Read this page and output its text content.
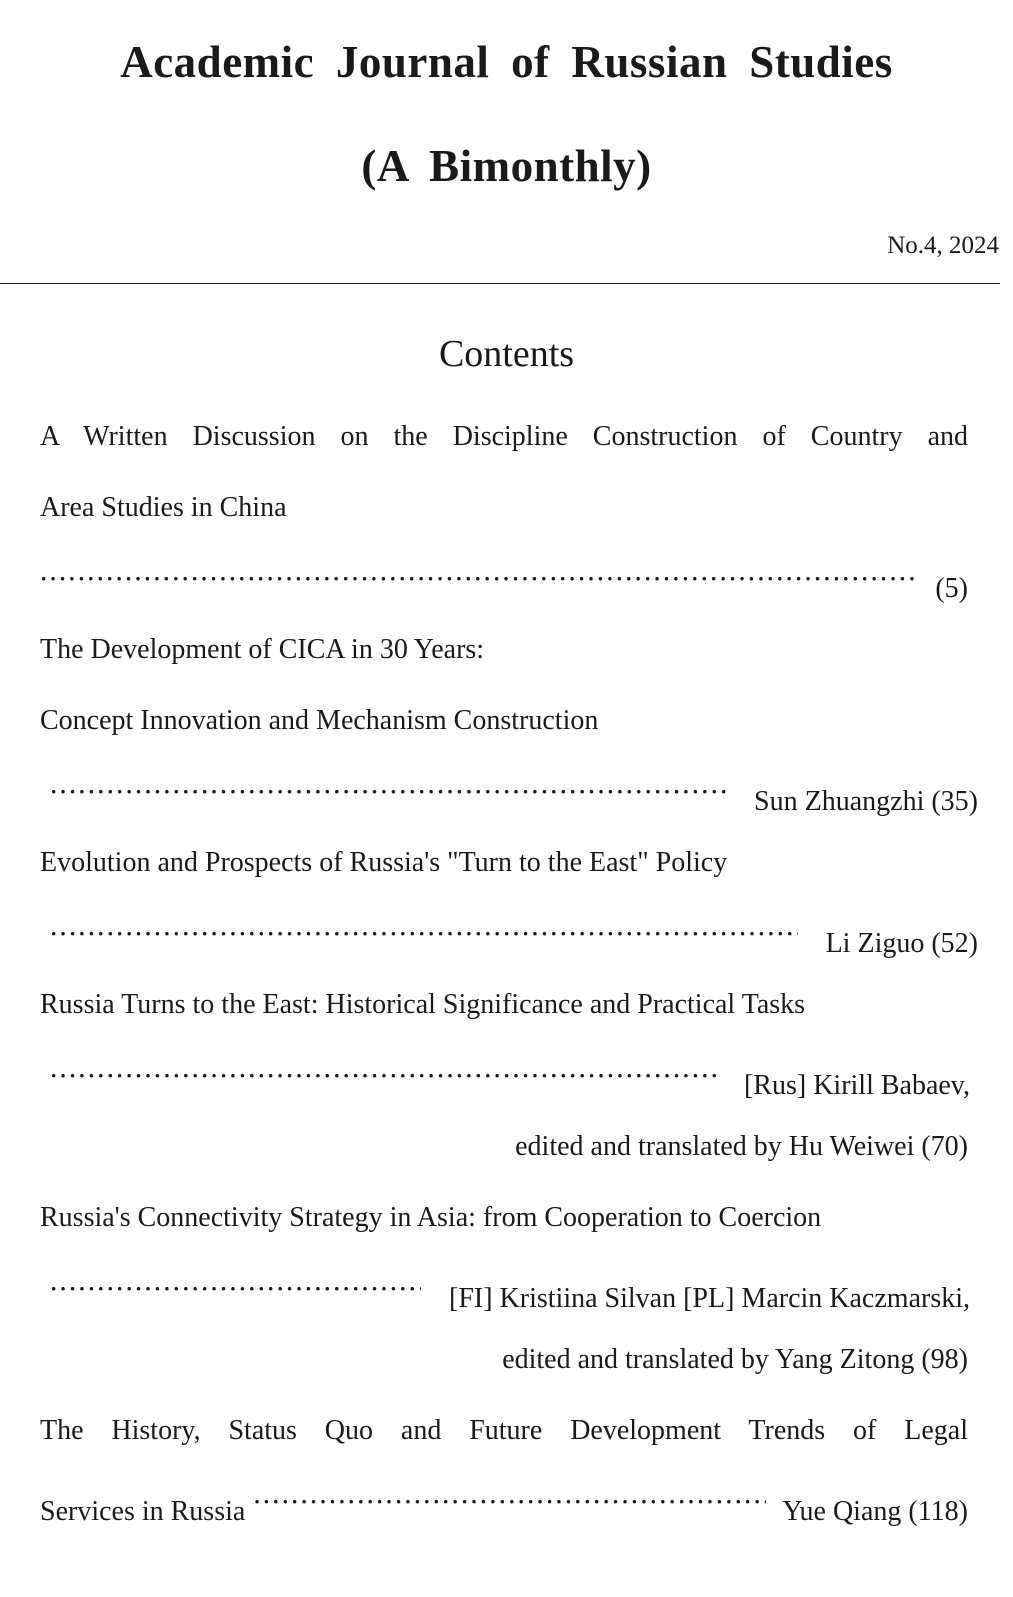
Academic Journal of Russian Studies
(A Bimonthly)
No.4, 2024
Contents
A Written Discussion on the Discipline Construction of Country and
Area Studies in China
·····
(5)
The Development of CICA in 30 Years:
Concept Innovation and Mechanism Construction
·····
Sun Zhuangzhi (35)
Evolution and Prospects of Russia's "Turn to the East" Policy
·····
Li Ziguo (52)
Russia Turns to the East: Historical Significance and Practical Tasks
·····
[Rus] Kirill Babaev,
edited and translated by Hu Weiwei (70)
Russia's Connectivity Strategy in Asia: from Cooperation to Coercion
·····
[FI] Kristiina Silvan [PL] Marcin Kaczmarski,
edited and translated by Yang Zitong (98)
The History, Status Quo and Future Development Trends of Legal
Services in Russia
·····	Yue Qiang (118)
